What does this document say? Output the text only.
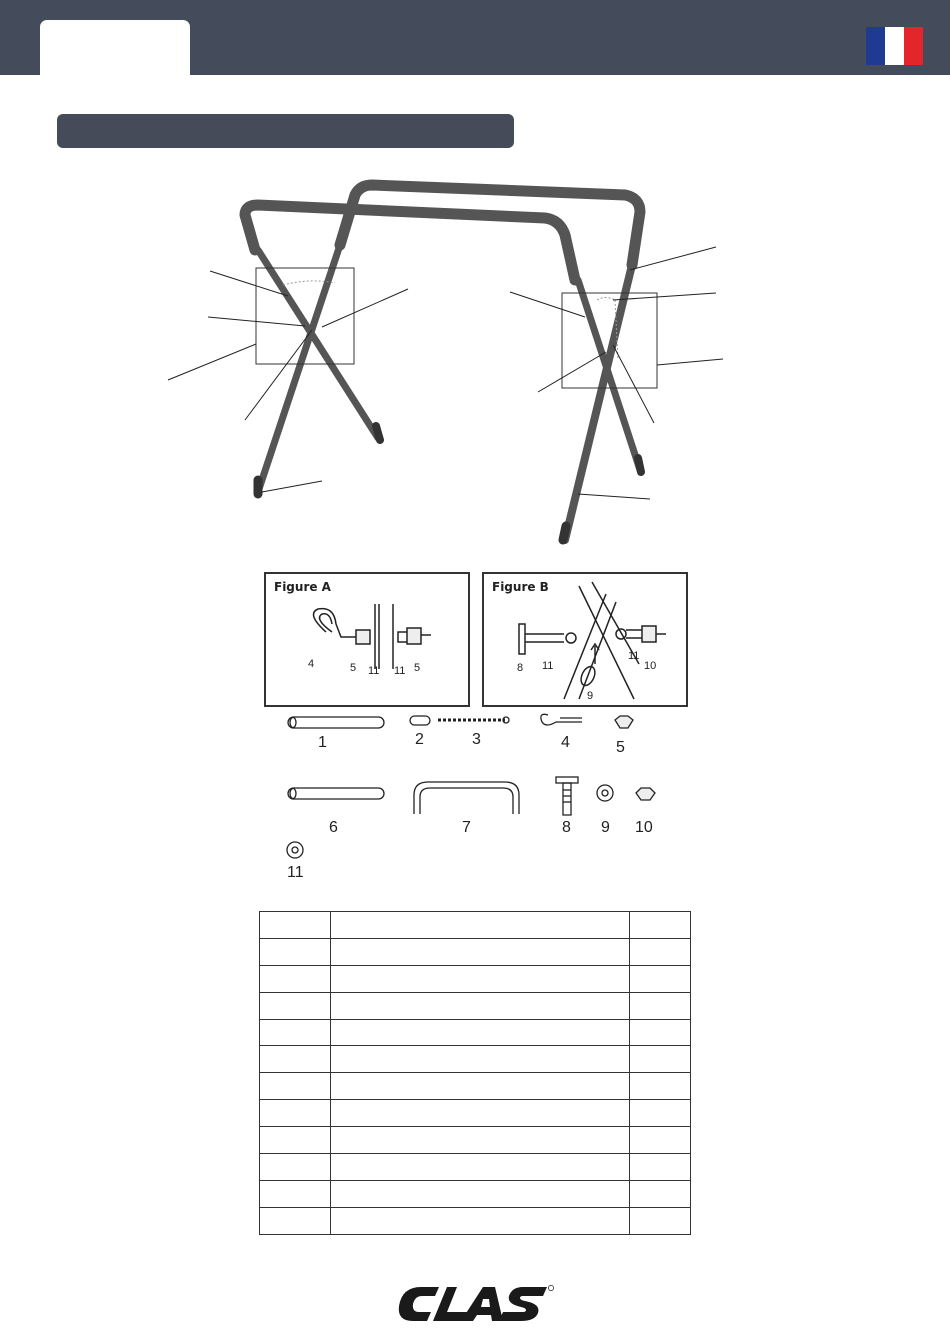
Figure A
4	5 11 11 5
Figure B
8 11
9
11
10
1	2	3	4	5
6	7	8 9 10
11
